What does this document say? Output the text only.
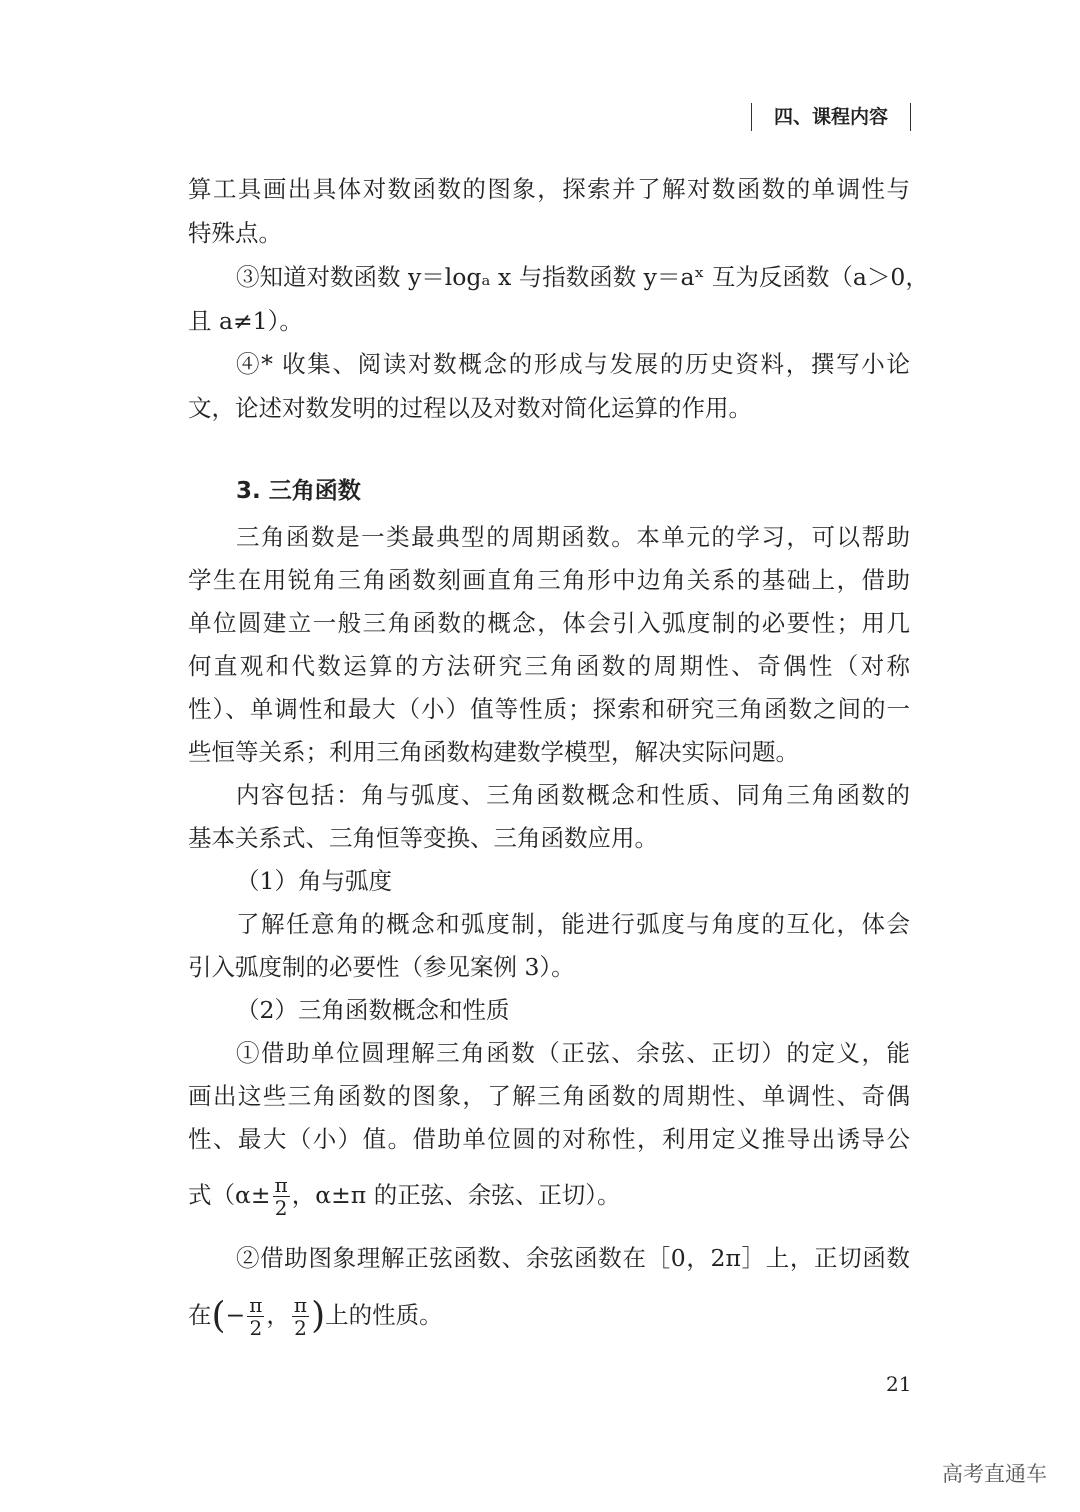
四、课程内容
算工具画出具体对数函数的图象，探索并了解对数函数的单调性与
特殊点。
③知道对数函数 y＝logₐ x 与指数函数 y＝aˣ 互为反函数（a＞0，
且 a≠1）。
④* 收集、阅读对数概念的形成与发展的历史资料，撰写小论
文，论述对数发明的过程以及对数对简化运算的作用。
3. 三角函数
三角函数是一类最典型的周期函数。本单元的学习，可以帮助
学生在用锐角三角函数刻画直角三角形中边角关系的基础上，借助
单位圆建立一般三角函数的概念，体会引入弧度制的必要性；用几
何直观和代数运算的方法研究三角函数的周期性、奇偶性（对称
性）、单调性和最大（小）值等性质；探索和研究三角函数之间的一
些恒等关系；利用三角函数构建数学模型，解决实际问题。
内容包括：角与弧度、三角函数概念和性质、同角三角函数的
基本关系式、三角恒等变换、三角函数应用。
（1）角与弧度
了解任意角的概念和弧度制，能进行弧度与角度的互化，体会
引入弧度制的必要性（参见案例 3）。
（2）三角函数概念和性质
①借助单位圆理解三角函数（正弦、余弦、正切）的定义，能
画出这些三角函数的图象，了解三角函数的周期性、单调性、奇偶
性、最大（小）值。借助单位圆的对称性，利用定义推导出诱导公
式（$\alpha\pm \frac{\pi}{2}$ ，α±π 的正弦、余弦、正切）。
②借助图象理解正弦函数、余弦函数在［0，2π］上，正切函数
在(− $\frac{\pi}{2}$ ， $\frac{\pi}{2}$ )上的性质。
21
高考直通车
